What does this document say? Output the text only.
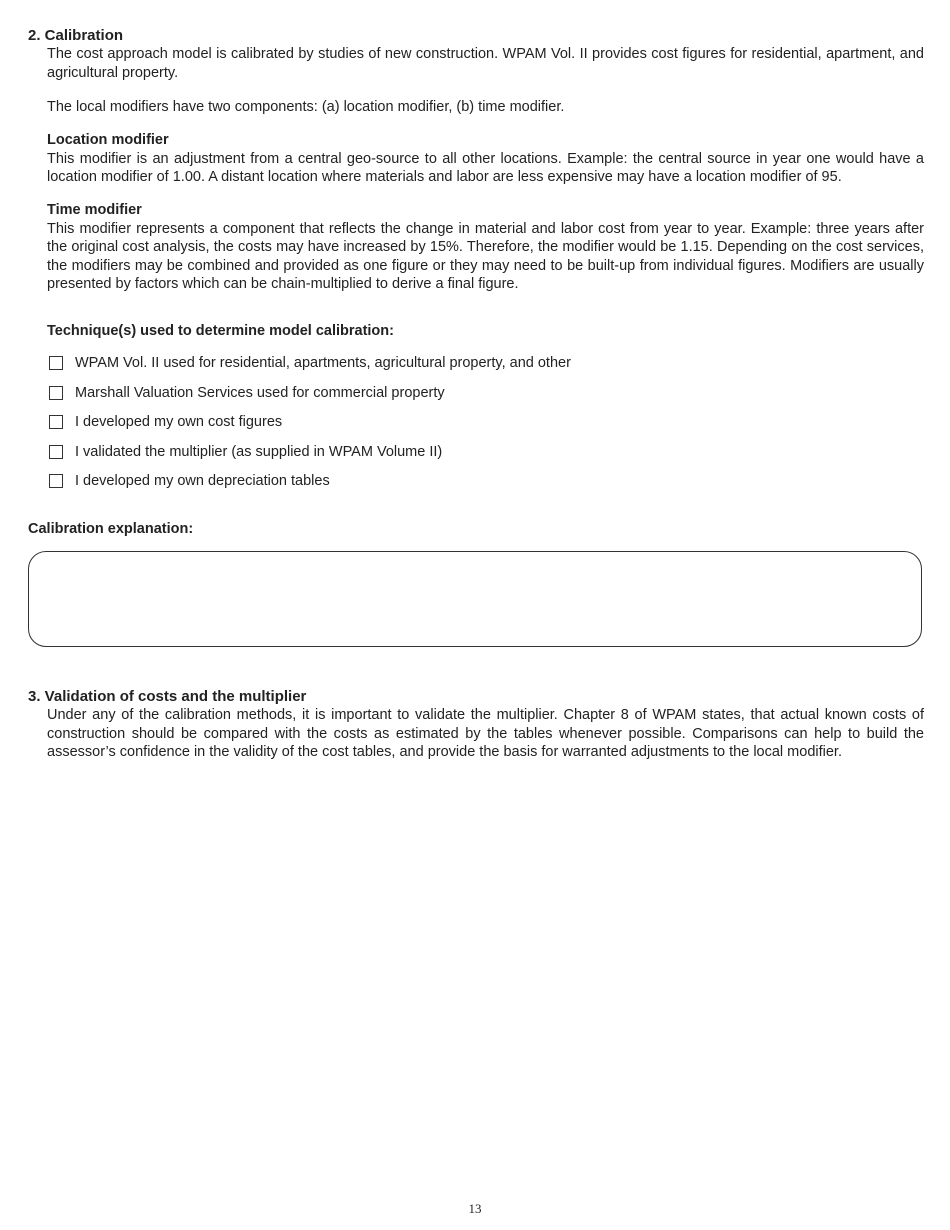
2. Calibration

The cost approach model is calibrated by studies of new construction. WPAM Vol. II provides cost figures for residential, apartment, and agricultural property.

The local modifiers have two components: (a) location modifier, (b) time modifier.

Location modifier

This modifier is an adjustment from a central geo-source to all other locations. Example: the central source in year one would have a location modifier of 1.00. A distant location where materials and labor are less expensive may have a location modifier of 95.

Time modifier

This modifier represents a component that reflects the change in material and labor cost from year to year. Example: three years after the original cost analysis, the costs may have increased by 15%. Therefore, the modifier would be 1.15. Depending on the cost services, the modifiers may be combined and provided as one figure or they may need to be built-up from individual figures. Modifiers are usually presented by factors which can be chain-multiplied to derive a final figure.

Technique(s) used to determine model calibration:
WPAM Vol. II used for residential, apartments, agricultural property, and other
Marshall Valuation Services used for commercial property
I developed my own cost figures
I validated the multiplier (as supplied in WPAM Volume II)
I developed my own depreciation tables
Calibration explanation:
3. Validation of costs and the multiplier

Under any of the calibration methods, it is important to validate the multiplier. Chapter 8 of WPAM states, that actual known costs of construction should be compared with the costs as estimated by the tables whenever possible. Comparisons can help to build the assessor’s confidence in the validity of the cost tables, and provide the basis for warranted adjustments to the local modifier.

13
